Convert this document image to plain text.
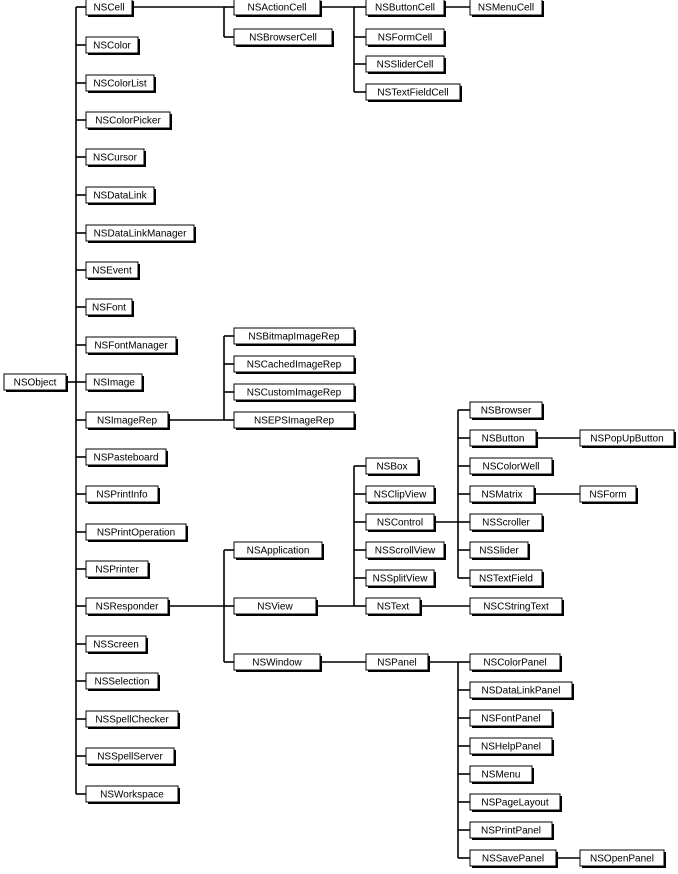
NSObject
NSCell
NSColor
NSColorList
NSColorPicker
NSCursor
NSDataLink
NSDataLinkManager
NSEvent
NSFont
NSFontManager
NSImage
NSImageRep
NSPasteboard
NSPrintInfo
NSPrintOperation
NSPrinter
NSResponder
NSScreen
NSSelection
NSSpellChecker
NSSpellServer
NSWorkspace
NSActionCell
NSBrowserCell
NSButtonCell
NSFormCell
NSSliderCell
NSTextFieldCell
NSMenuCell
NSBitmapImageRep
NSCachedImageRep
NSCustomImageRep
NSEPSImageRep
NSApplication
NSView
NSWindow
NSBox
NSClipView
NSControl
NSScrollView
NSSplitView
NSText
NSBrowser
NSButton
NSColorWell
NSMatrix
NSScroller
NSSlider
NSTextField
NSPopUpButton
NSForm
NSCStringText
NSPanel	NSColorPanel
NSDataLinkPanel
NSFontPanel
NSHelpPanel
NSMenu
NSPageLayout
NSPrintPanel
NSSavePanel	NSOpenPanel
